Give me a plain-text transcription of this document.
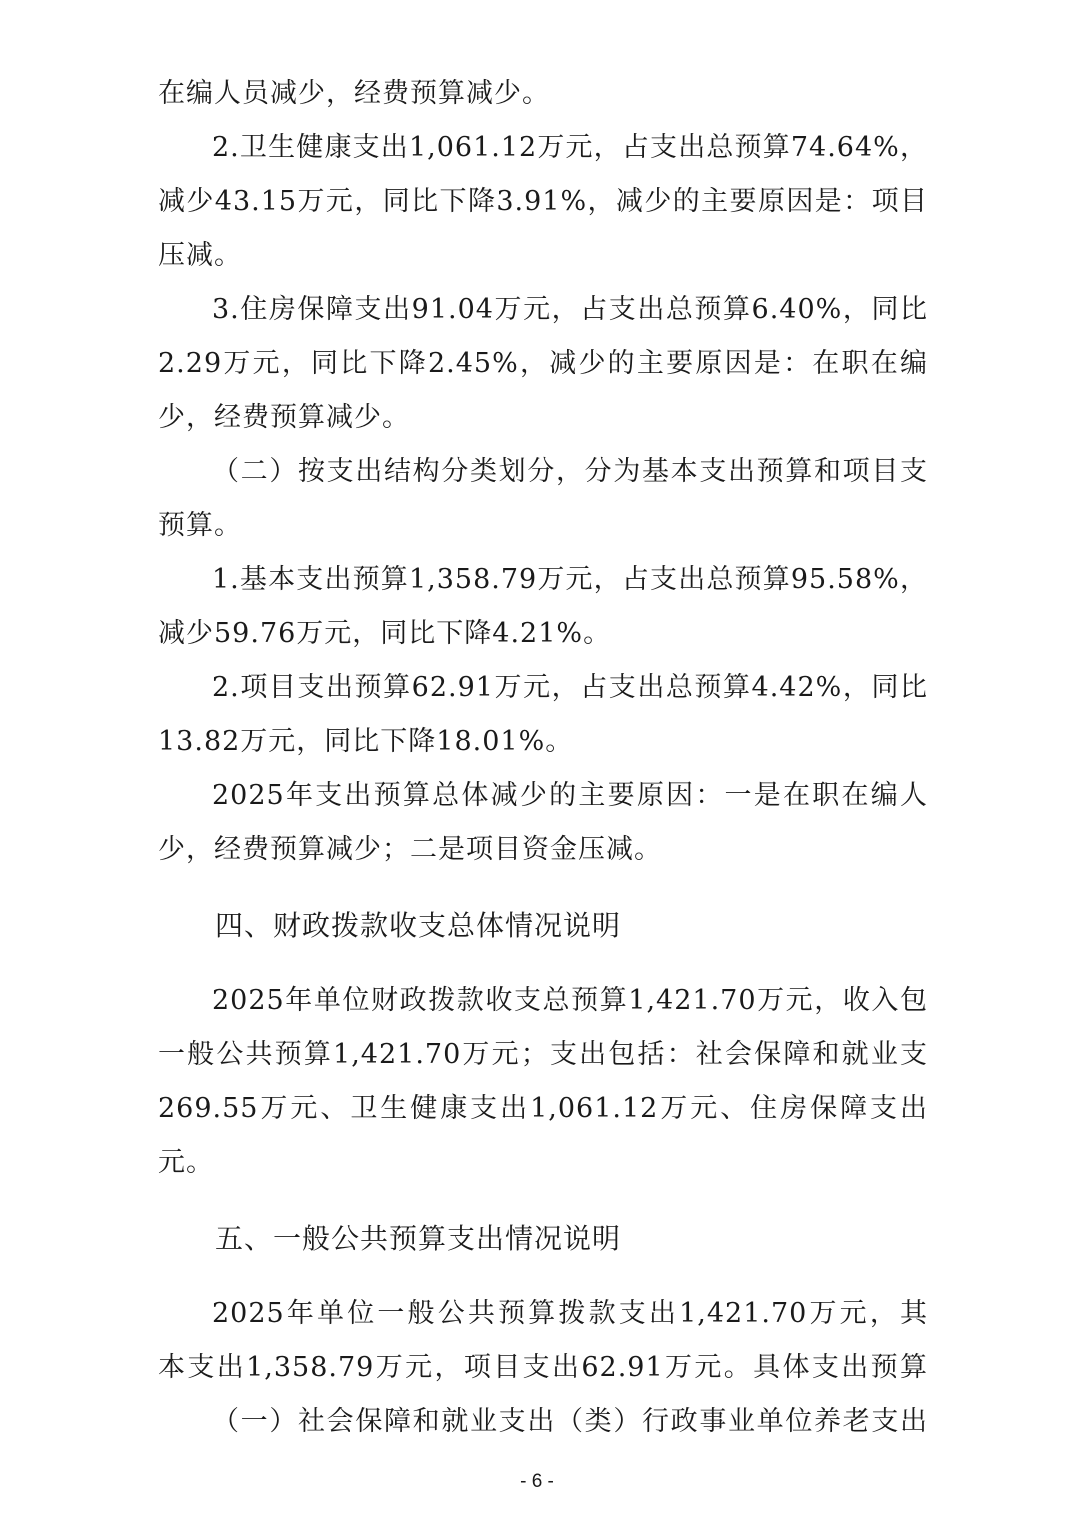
在编人员减少，经费预算减少。
2.卫生健康支出1,061.12万元，占支出总预算74.64%，
减少43.15万元，同比下降3.91%，减少的主要原因是：项目
压减。
3.住房保障支出91.04万元，占支出总预算6.40%，同比
2.29万元，同比下降2.45%，减少的主要原因是：在职在编
少，经费预算减少。
（二）按支出结构分类划分，分为基本支出预算和项目支
预算。
1.基本支出预算1,358.79万元，占支出总预算95.58%，
减少59.76万元，同比下降4.21%。
2.项目支出预算62.91万元，占支出总预算4.42%，同比
13.82万元，同比下降18.01%。
2025年支出预算总体减少的主要原因：一是在职在编人
少，经费预算减少；二是项目资金压减。
四、财政拨款收支总体情况说明
2025年单位财政拨款收支总预算1,421.70万元，收入包
一般公共预算1,421.70万元；支出包括：社会保障和就业支
269.55万元、卫生健康支出1,061.12万元、住房保障支出
元。
五、一般公共预算支出情况说明
2025年单位一般公共预算拨款支出1,421.70万元，其
本支出1,358.79万元，项目支出62.91万元。具体支出预算
（一）社会保障和就业支出（类）行政事业单位养老支出
- 6 -
